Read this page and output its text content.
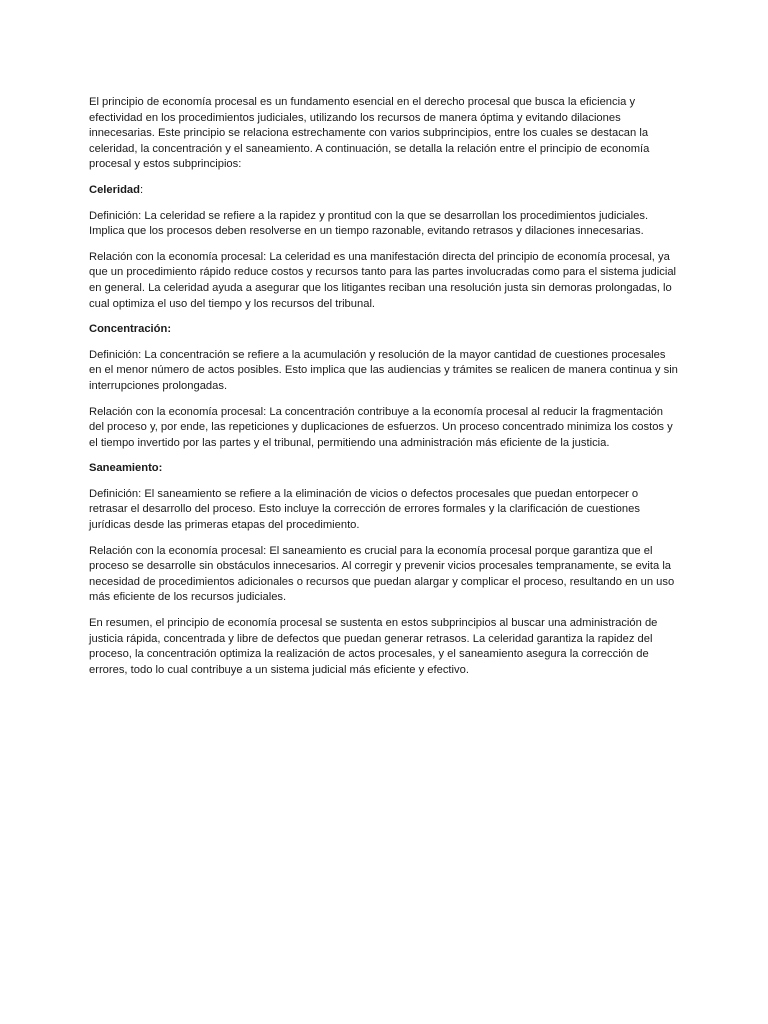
El principio de economía procesal es un fundamento esencial en el derecho procesal que busca la eficiencia y efectividad en los procedimientos judiciales, utilizando los recursos de manera óptima y evitando dilaciones innecesarias. Este principio se relaciona estrechamente con varios subprincipios, entre los cuales se destacan la celeridad, la concentración y el saneamiento. A continuación, se detalla la relación entre el principio de economía procesal y estos subprincipios:

Celeridad:

Definición: La celeridad se refiere a la rapidez y prontitud con la que se desarrollan los procedimientos judiciales. Implica que los procesos deben resolverse en un tiempo razonable, evitando retrasos y dilaciones innecesarias.

Relación con la economía procesal: La celeridad es una manifestación directa del principio de economía procesal, ya que un procedimiento rápido reduce costos y recursos tanto para las partes involucradas como para el sistema judicial en general. La celeridad ayuda a asegurar que los litigantes reciban una resolución justa sin demoras prolongadas, lo cual optimiza el uso del tiempo y los recursos del tribunal.

Concentración:

Definición: La concentración se refiere a la acumulación y resolución de la mayor cantidad de cuestiones procesales en el menor número de actos posibles. Esto implica que las audiencias y trámites se realicen de manera continua y sin interrupciones prolongadas.

Relación con la economía procesal: La concentración contribuye a la economía procesal al reducir la fragmentación del proceso y, por ende, las repeticiones y duplicaciones de esfuerzos. Un proceso concentrado minimiza los costos y el tiempo invertido por las partes y el tribunal, permitiendo una administración más eficiente de la justicia.

Saneamiento:

Definición: El saneamiento se refiere a la eliminación de vicios o defectos procesales que puedan entorpecer o retrasar el desarrollo del proceso. Esto incluye la corrección de errores formales y la clarificación de cuestiones jurídicas desde las primeras etapas del procedimiento.

Relación con la economía procesal: El saneamiento es crucial para la economía procesal porque garantiza que el proceso se desarrolle sin obstáculos innecesarios. Al corregir y prevenir vicios procesales tempranamente, se evita la necesidad de procedimientos adicionales o recursos que puedan alargar y complicar el proceso, resultando en un uso más eficiente de los recursos judiciales.

En resumen, el principio de economía procesal se sustenta en estos subprincipios al buscar una administración de justicia rápida, concentrada y libre de defectos que puedan generar retrasos. La celeridad garantiza la rapidez del proceso, la concentración optimiza la realización de actos procesales, y el saneamiento asegura la corrección de errores, todo lo cual contribuye a un sistema judicial más eficiente y efectivo.
